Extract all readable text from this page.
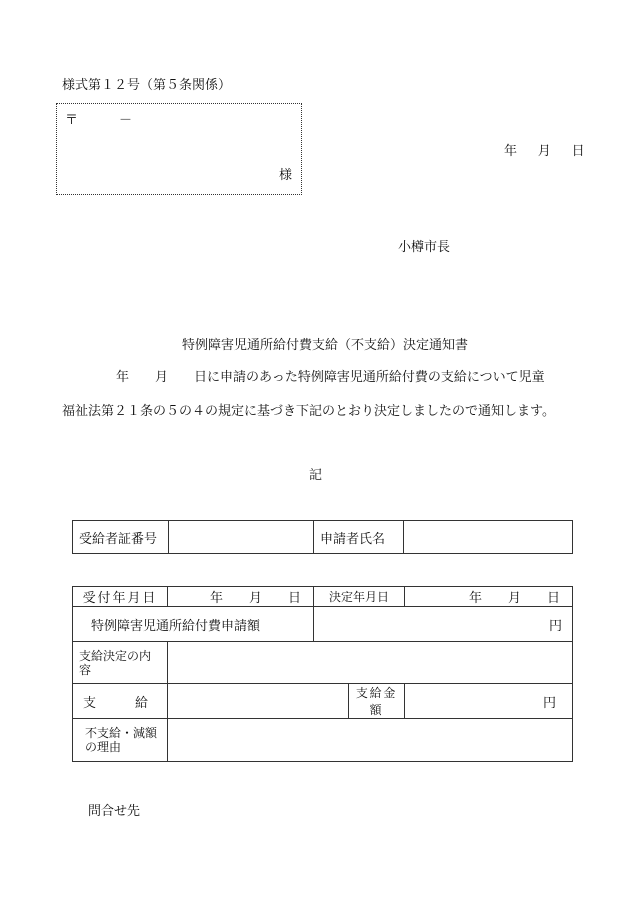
様式第１２号（第５条関係）
〒	－
様
年　月　日
小樽市長
特例障害児通所給付費支給（不支給）決定通知書
年　　月　　日に申請のあった特例障害児通所給付費の支給について児童
福祉法第２１条の５の４の規定に基づき下記のとおり決定しましたので通知します。
記
受給者証番号		申請者氏名	
受付年月日	年　　月　　日	決定年月日		年　　月　　日
特例障害児通所給付費申請額		円		
支給決定の内容				
支　　　給			支給金額	円
不支給・減額の理由				
問合せ先
